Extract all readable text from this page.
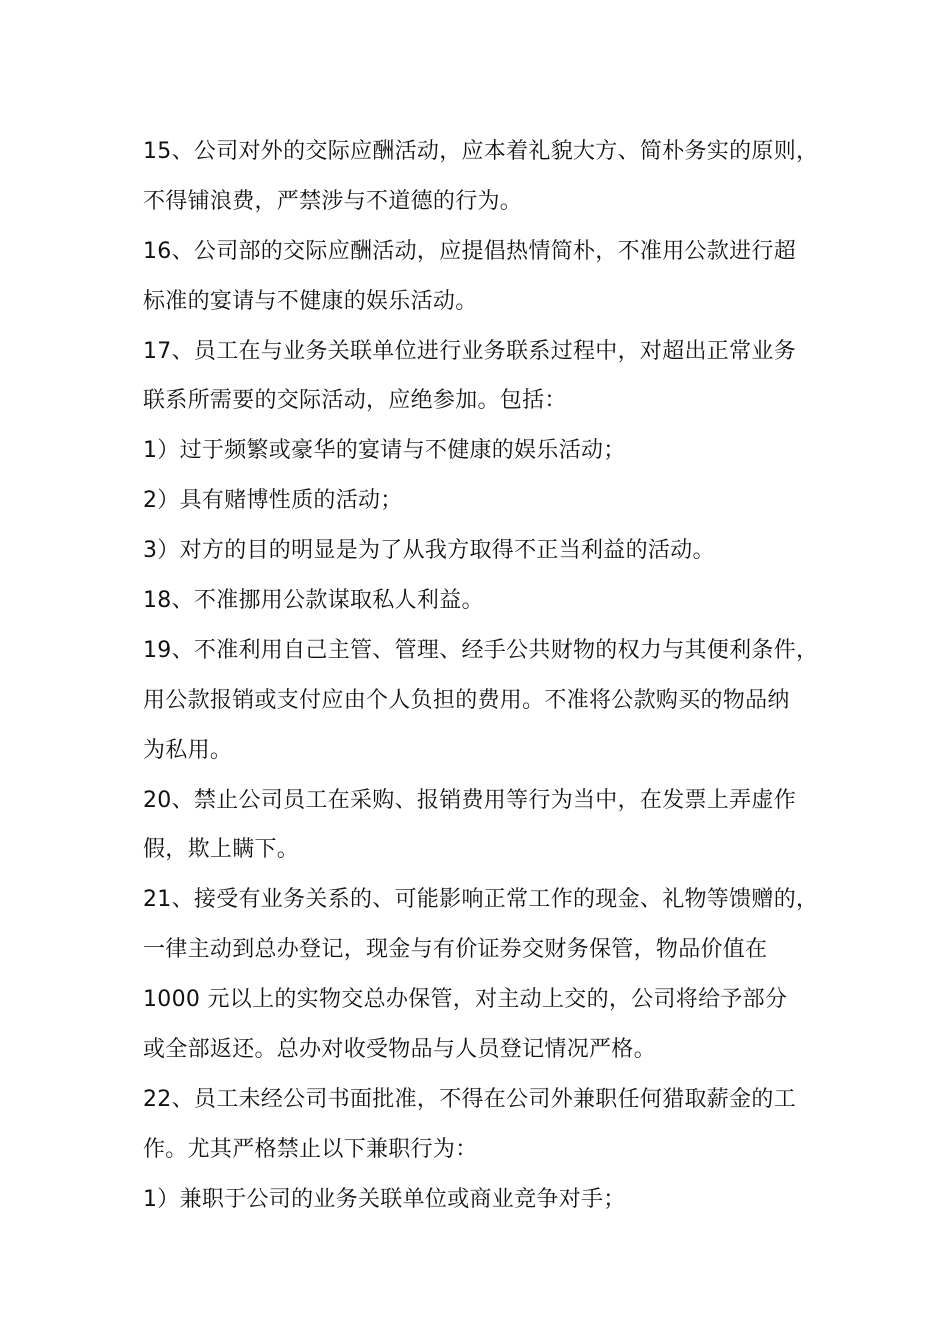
15、公司对外的交际应酬活动，应本着礼貌大方、简朴务实的原则，
不得铺浪费，严禁涉与不道德的行为。
16、公司部的交际应酬活动，应提倡热情简朴，不准用公款进行超
标准的宴请与不健康的娱乐活动。
17、员工在与业务关联单位进行业务联系过程中，对超出正常业务
联系所需要的交际活动，应绝参加。包括：
1）过于频繁或豪华的宴请与不健康的娱乐活动；
2）具有赌博性质的活动；
3）对方的目的明显是为了从我方取得不正当利益的活动。
18、不准挪用公款谋取私人利益。
19、不准利用自己主管、管理、经手公共财物的权力与其便利条件，
用公款报销或支付应由个人负担的费用。不准将公款购买的物品纳
为私用。
20、禁止公司员工在采购、报销费用等行为当中，在发票上弄虚作
假，欺上瞒下。
21、接受有业务关系的、可能影响正常工作的现金、礼物等馈赠的，
一律主动到总办登记，现金与有价证券交财务保管，物品价值在
1000 元以上的实物交总办保管，对主动上交的，公司将给予部分
或全部返还。总办对收受物品与人员登记情况严格。
22、员工未经公司书面批准，不得在公司外兼职任何猎取薪金的工
作。尤其严格禁止以下兼职行为：
1）兼职于公司的业务关联单位或商业竞争对手；
